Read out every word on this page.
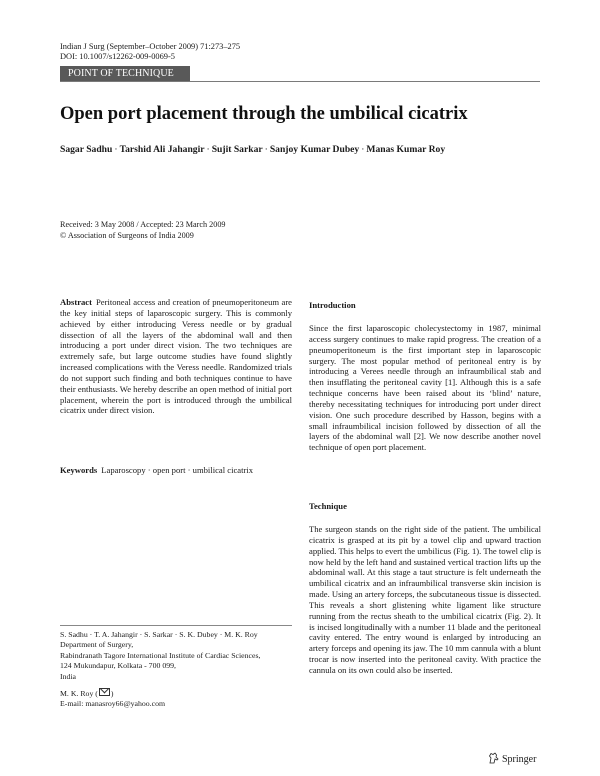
Indian J Surg (September–October 2009) 71:273–275
DOI: 10.1007/s12262-009-0069-5
POINT OF TECHNIQUE
Open port placement through the umbilical cicatrix
Sagar Sadhu · Tarshid Ali Jahangir · Sujit Sarkar · Sanjoy Kumar Dubey · Manas Kumar Roy
Received: 3 May 2008 / Accepted: 23 March 2009
© Association of Surgeons of India 2009
Abstract Peritoneal access and creation of pneumoperitoneum are the key initial steps of laparoscopic surgery. This is commonly achieved by either introducing Veress needle or by gradual dissection of all the layers of the abdominal wall and then introducing a port under direct vision. The two techniques are extremely safe, but large outcome studies have found slightly increased complications with the Veress needle. Randomized trials do not support such finding and both techniques continue to have their enthusiasts. We hereby describe an open method of initial port placement, wherein the port is introduced through the umbilical cicatrix under direct vision.
Keywords Laparoscopy · open port · umbilical cicatrix
S. Sadhu · T. A. Jahangir · S. Sarkar · S. K. Dubey · M. K. Roy
Department of Surgery,
Rabindranath Tagore International Institute of Cardiac Sciences,
124 Mukundapur, Kolkata - 700 099,
India
M. K. Roy ( )
E-mail: manasroy66@yahoo.com
Introduction
Since the first laparoscopic cholecystectomy in 1987, minimal access surgery continues to make rapid progress. The creation of a pneumoperitoneum is the first important step in laparoscopic surgery. The most popular method of peritoneal entry is by introducing a Verees needle through an infraumbilical stab and then insufflating the peritoneal cavity [1]. Although this is a safe technique concerns have been raised about its ‘blind’ nature, thereby necessitating techniques for introducing port under direct vision. One such procedure described by Hasson, begins with a small infraumbilical incision followed by dissection of all the layers of the abdominal wall [2]. We now describe another novel technique of open port placement.
Technique
The surgeon stands on the right side of the patient. The umbilical cicatrix is grasped at its pit by a towel clip and upward traction applied. This helps to evert the umbilicus (Fig. 1). The towel clip is now held by the left hand and sustained vertical traction lifts up the abdominal wall. At this stage a taut structure is felt underneath the umbilical cicatrix and an infraumbilical transverse skin incision is made. Using an artery forceps, the subcutaneous tissue is dissected. This reveals a short glistening white ligament like structure running from the rectus sheath to the umbilical cicatrix (Fig. 2). It is incised longitudinally with a number 11 blade and the peritoneal cavity entered. The entry wound is enlarged by introducing an artery forceps and opening its jaw. The 10 mm cannula with a blunt trocar is now inserted into the peritoneal cavity. With practice the cannula on its own could also be inserted.
Springer
